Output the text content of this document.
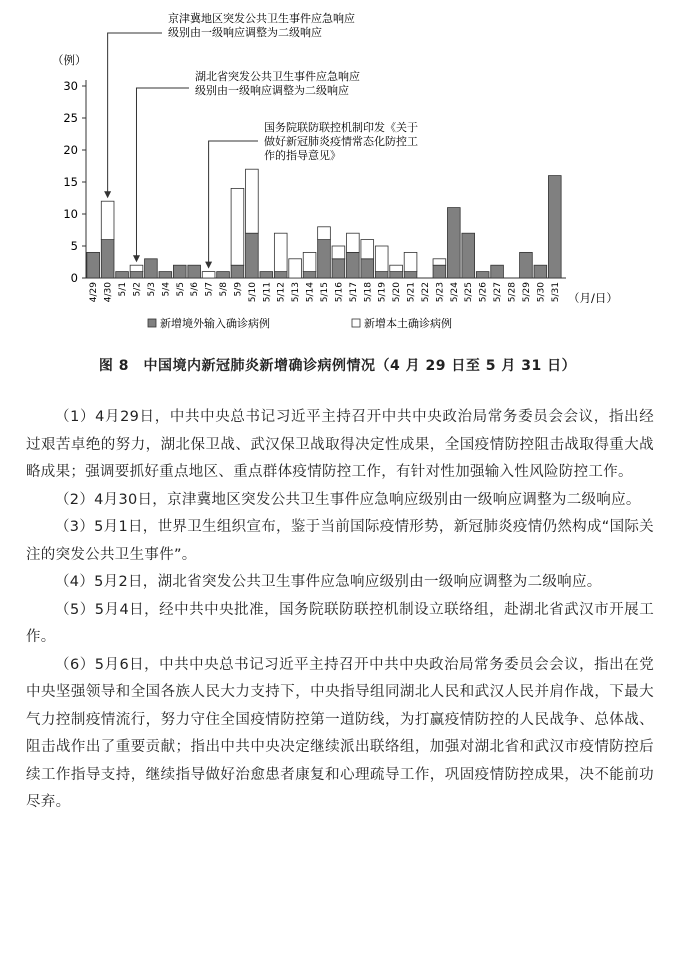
（例）
0
5
10
15
20
25
30
4/29 4/30 5/1 5/2 5/3 5/4 5/5 5/6 5/7 5/8 5/9 5/10 5/11 5/12 5/13 5/14 5/15 5/16 5/17 5/18 5/19 5/20 5/21 5/22 5/23 5/24 5/25 5/26 5/27 5/28 5/29 5/30 5/31 （月/日）
京津冀地区突发公共卫生事件应急响应
级别由一级响应调整为二级响应
湖北省突发公共卫生事件应急响应
级别由一级响应调整为二级响应
国务院联防联控机制印发《关于
做好新冠肺炎疫情常态化防控工
作的指导意见》
新增境外输入确诊病例	新增本土确诊病例
图 8　中国境内新冠肺炎新增确诊病例情况（4 月 29 日至 5 月 31 日）

（1）4月29日，中共中央总书记习近平主持召开中共中央政治局常务委员会会议，指出经过艰苦卓绝的努力，湖北保卫战、武汉保卫战取得决定性成果，全国疫情防控阻击战取得重大战略成果；强调要抓好重点地区、重点群体疫情防控工作，有针对性加强输入性风险防控工作。

（2）4月30日，京津冀地区突发公共卫生事件应急响应级别由一级响应调整为二级响应。

（3）5月1日，世界卫生组织宣布，鉴于当前国际疫情形势，新冠肺炎疫情仍然构成“国际关注的突发公共卫生事件”。

（4）5月2日，湖北省突发公共卫生事件应急响应级别由一级响应调整为二级响应。

（5）5月4日，经中共中央批准，国务院联防联控机制设立联络组，赴湖北省武汉市开展工作。

（6）5月6日，中共中央总书记习近平主持召开中共中央政治局常务委员会会议，指出在党中央坚强领导和全国各族人民大力支持下，中央指导组同湖北人民和武汉人民并肩作战，下最大气力控制疫情流行，努力守住全国疫情防控第一道防线，为打赢疫情防控的人民战争、总体战、阻击战作出了重要贡献；指出中共中央决定继续派出联络组，加强对湖北省和武汉市疫情防控后续工作指导支持，继续指导做好治愈患者康复和心理疏导工作，巩固疫情防控成果，决不能前功尽弃。
